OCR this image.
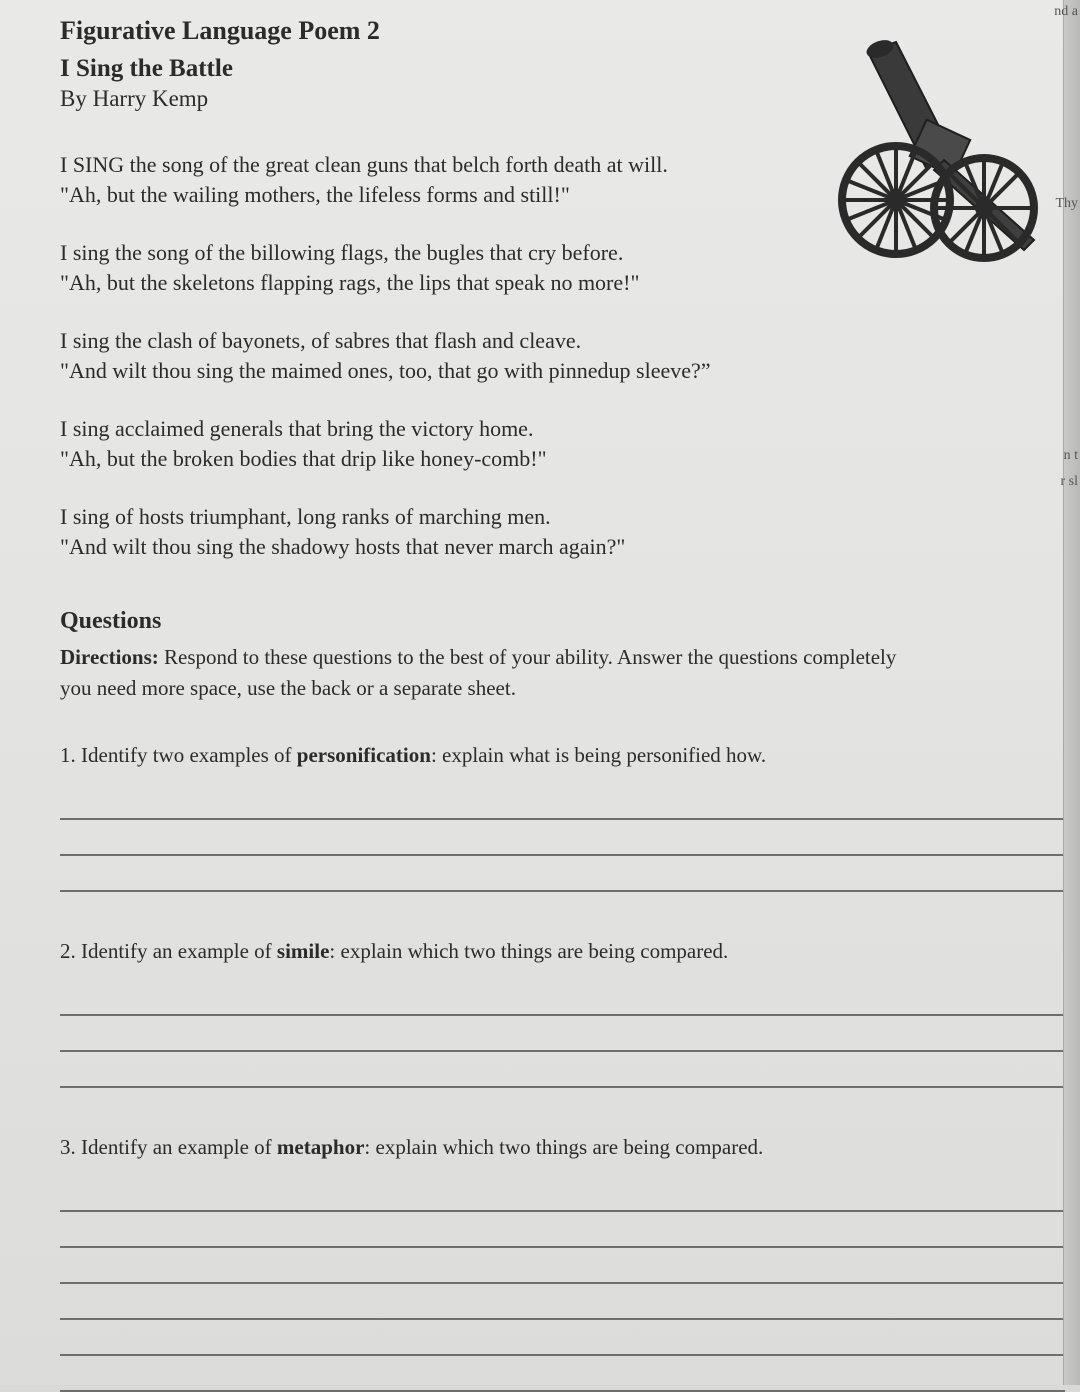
Figurative Language Poem 2
I Sing the Battle

By Harry Kemp

I SING the song of the great clean guns that belch forth death at will.

"Ah, but the wailing mothers, the lifeless forms and still!"

I sing the song of the billowing flags, the bugles that cry before.

"Ah, but the skeletons flapping rags, the lips that speak no more!"

I sing the clash of bayonets, of sabres that flash and cleave.

"And wilt thou sing the maimed ones, too, that go with pinnedup sleeve?”

I sing acclaimed generals that bring the victory home.

"Ah, but the broken bodies that drip like honey-comb!"

I sing of hosts triumphant, long ranks of marching men.

"And wilt thou sing the shadowy hosts that never march again?"

Questions
Directions: Respond to these questions to the best of your ability. Answer the questions completely
you need more space, use the back or a separate sheet.
1. Identify two examples of personification: explain what is being personified how.
2. Identify an example of simile: explain which two things are being compared.
3. Identify an example of metaphor: explain which two things are being compared.
nd a
Thy
n t
r sl
